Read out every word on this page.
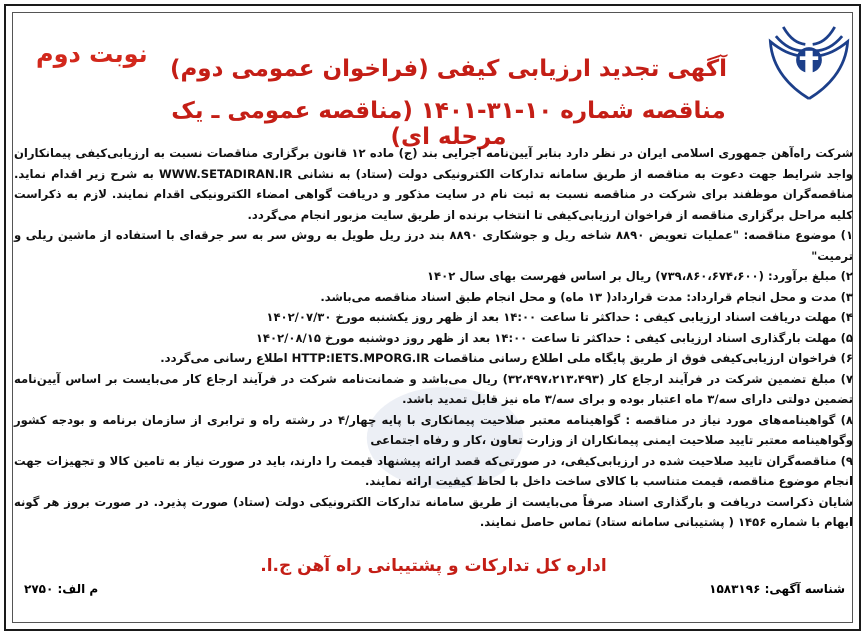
نوبت دوم
آگهی تجدید ارزیابی کیفی (فراخوان عمومی دوم)
مناقصه شماره ۱۰-۳۱-۱۴۰۱ (مناقصه عمومی ـ یک مرحله ای)

شرکت راه‌آهن جمهوری اسلامی ایران در نظر دارد بنابر آیین‌نامه اجرایی بند (ج) ماده ۱۲ قانون برگزاری مناقصات نسبت به ارزیابی‌کیفی پیمانکاران واجد شرایط جهت دعوت به مناقصه از طریق سامانه تدارکات الکترونیکی دولت (ستاد) به نشانی WWW.SETADIRAN.IR به شرح زیر اقدام نماید. مناقصه‌گران موظفند برای شرکت در مناقصه نسبت به ثبت نام در سایت مذکور و دریافت گواهی امضاء الکترونیکی اقدام نمایند. لازم به ذکراست کلیه مراحل برگزاری مناقصه از فراخوان ارزیابی‌کیفی تا انتخاب برنده از طریق سایت مزبور انجام می‌گردد.

۱) موضوع مناقصه: "عملیات تعویض ۸۸۹۰ شاخه ریل و جوشکاری ۸۸۹۰ بند درز ریل طویل به روش سر به سر جرقه‌ای با استفاده از ماشین ریلی و ترمیت"

۲) مبلغ برآورد: (۷۳۹،۸۶۰،۶۷۴،۶۰۰) ریال بر اساس فهرست بهای سال ۱۴۰۲

۳) مدت و محل انجام قرارداد: مدت قرارداد( ۱۳ ماه) و محل انجام طبق اسناد مناقصه می‌باشد.

۴) مهلت دریافت اسناد ارزیابی کیفی : حداکثر تا ساعت ۱۴:۰۰ بعد از ظهر روز یکشنبه مورخ ۱۴۰۲/۰۷/۳۰

۵) مهلت بارگذاری اسناد ارزیابی کیفی : حداکثر تا ساعت ۱۴:۰۰ بعد از ظهر روز دوشنبه مورخ ۱۴۰۲/۰۸/۱۵

۶) فراخوان ارزیابی‌کیفی فوق از طریق پایگاه ملی اطلاع رسانی مناقصات HTTP:IETS.MPORG.IR اطلاع رسانی می‌گردد.

۷) مبلغ تضمین شرکت در فرآیند ارجاع کار (۳۲،۴۹۷،۲۱۳،۴۹۳) ریال می‌باشد و ضمانت‌نامه شرکت در فرآیند ارجاع کار می‌بایست بر اساس آیین‌نامه تضمین دولتی دارای سه/۳ ماه اعتبار بوده و برای سه/۳ ماه نیز قابل تمدید باشد.

۸) گواهینامه‌های مورد نیاز در مناقصه : گواهینامه معتبر صلاحیت پیمانکاری با پایه چهار/۴ در رشته راه و ترابری از سازمان برنامه و بودجه کشور وگواهینامه معتبر تایید صلاحیت ایمنی پیمانکاران از وزارت تعاون ،کار و رفاه اجتماعی

۹) مناقصه‌گران تایید صلاحیت شده در ارزیابی‌کیفی، در صورتی‌که قصد ارائه پیشنهاد قیمت را دارند، باید در صورت نیاز به تامین کالا و تجهیزات جهت انجام موضوع مناقصه، قیمت متناسب با کالای ساخت داخل با لحاظ کیفیت ارائه نمایند.

شایان ذکراست دریافت و بارگذاری اسناد صرفاً می‌بایست از طریق سامانه تدارکات الکترونیکی دولت (ستاد) صورت پذیرد. در صورت بروز هر گونه ابهام با شماره ۱۴۵۶ ( پشتیبانی سامانه ستاد) تماس حاصل نمایند.

اداره کل تدارکات و پشتیبانی راه آهن ج.ا.
شناسه آگهی: ۱۵۸۳۱۹۶
م الف: ۲۷۵۰
